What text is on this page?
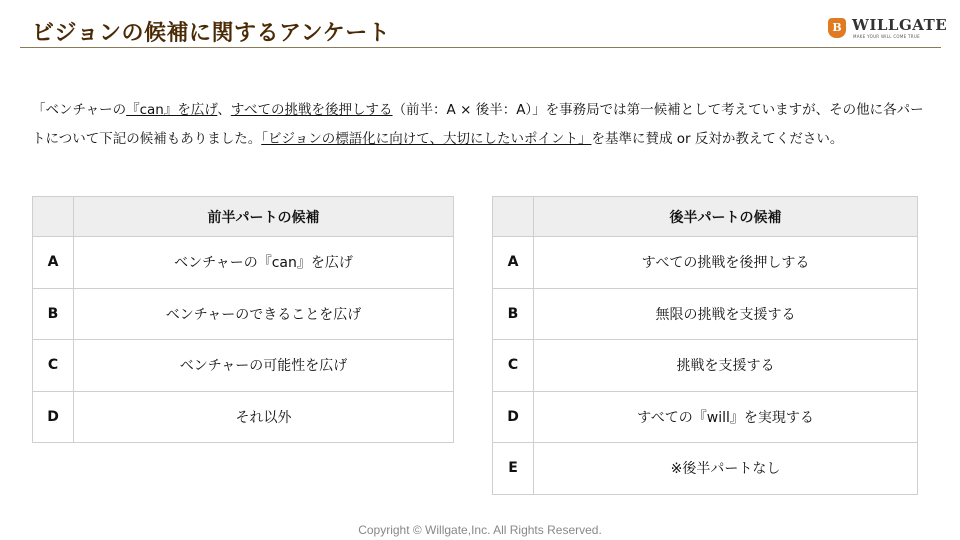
ビジョンの候補に関するアンケート	B WILLGATE
MAKE YOUR WILL COME TRUE

「ベンチャーの『can』を広げ、すべての挑戦を後押しする（前半：A × 後半：A）」を事務局では第一候補として考えていますが、その他に各パートについて下記の候補もありました。「ビジョンの標語化に向けて、大切にしたいポイント」を基準に賛成 or 反対か教えてください。

	前半パートの候補
A	ベンチャーの『can』を広げ
B	ベンチャーのできることを広げ
C	ベンチャーの可能性を広げ
D	それ以外
	後半パートの候補
A	すべての挑戦を後押しする
B	無限の挑戦を支援する
C	挑戦を支援する
D	すべての『will』を実現する
E	※後半パートなし
Copyright © Willgate,Inc. All Rights Reserved.
